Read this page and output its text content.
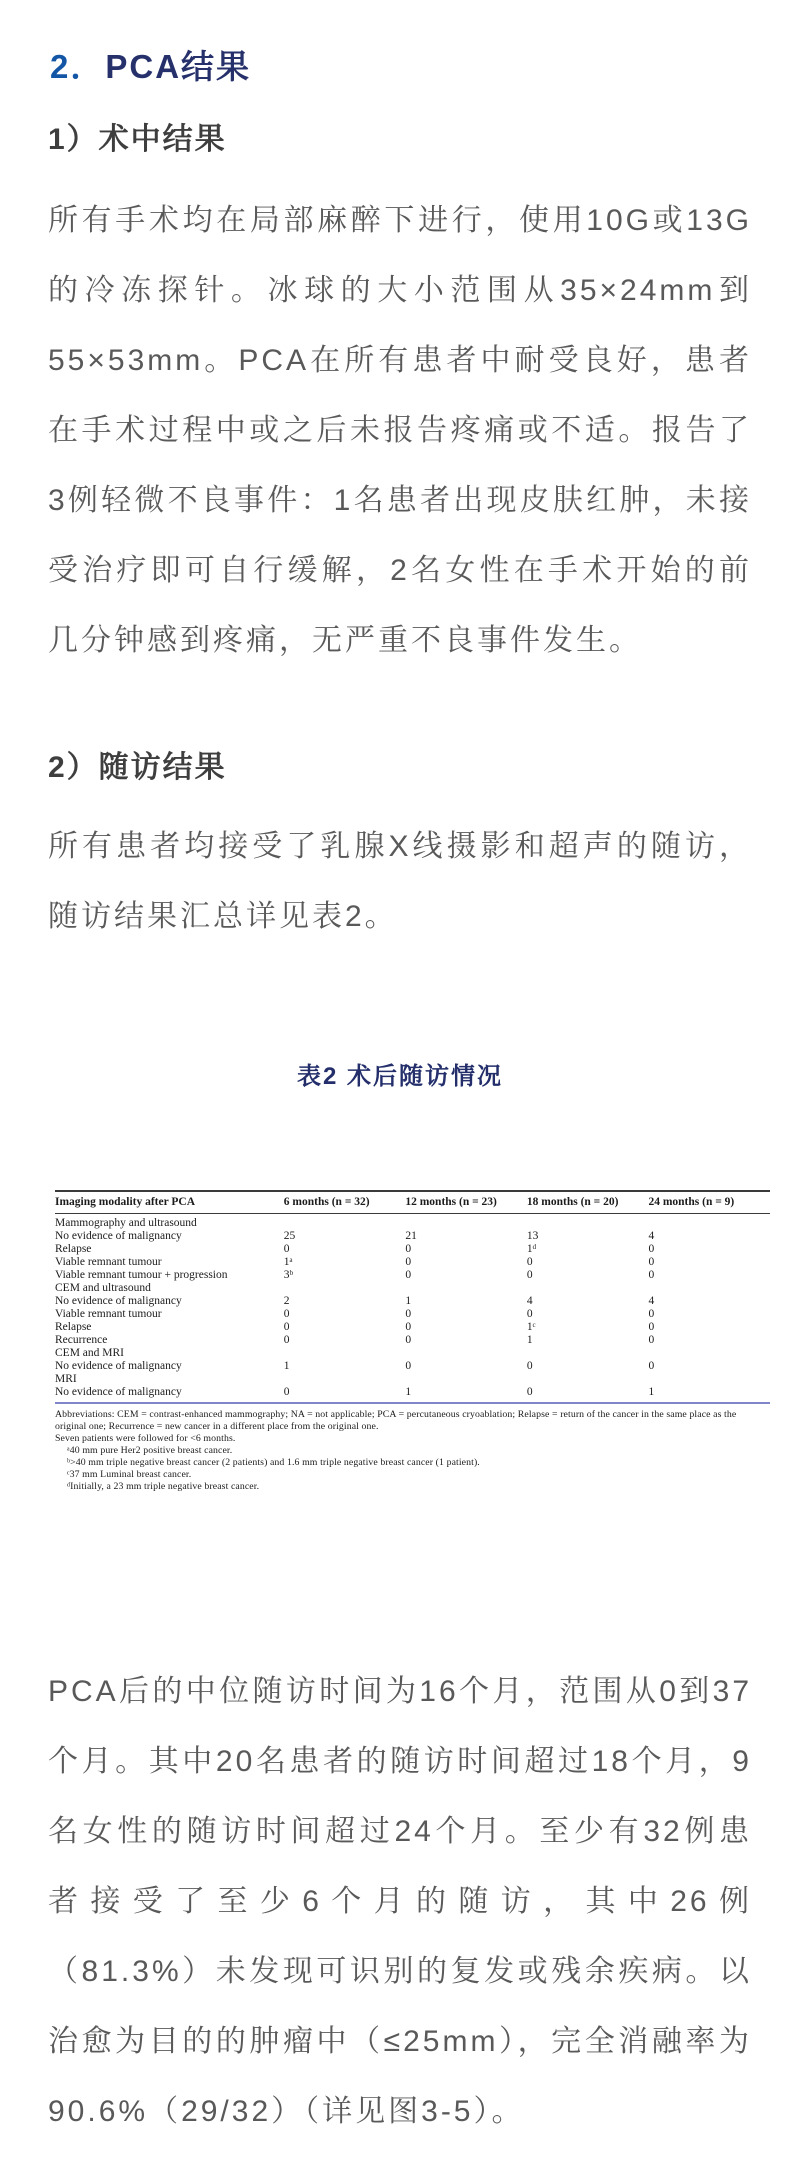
2．PCA结果
1）术中结果

所有手术均在局部麻醉下进行，使用10G或13G的冷冻探针。冰球的大小范围从35×24mm到55×53mm。PCA在所有患者中耐受良好，患者在手术过程中或之后未报告疼痛或不适。报告了3例轻微不良事件：1名患者出现皮肤红肿，未接受治疗即可自行缓解，2名女性在手术开始的前几分钟感到疼痛，无严重不良事件发生。

2）随访结果

所有患者均接受了乳腺X线摄影和超声的随访，随访结果汇总详见表2。

表2 术后随访情况
Imaging modality after PCA	6 months (n = 32)	12 months (n = 23)	18 months (n = 20)	24 months (n = 9)
Mammography and ultrasound				
No evidence of malignancy	25	21	13	4
Relapse	0	0	1ᵈ	0
Viable remnant tumour	1ᵃ	0	0	0
Viable remnant tumour + progression	3ᵇ	0	0	0
CEM and ultrasound				
No evidence of malignancy	2	1	4	4
Viable remnant tumour	0	0	0	0
Relapse	0	0	1ᶜ	0
Recurrence	0	0	1	0
CEM and MRI				
No evidence of malignancy	1	0	0	0
MRI				
No evidence of malignancy	0	1	0	1
Abbreviations: CEM = contrast-enhanced mammography; NA = not applicable; PCA = percutaneous cryoablation; Relapse = return of the cancer in the same place as the original one; Recurrence = new cancer in a different place from the original one.
Seven patients were followed for <6 months.
ᵃ40 mm pure Her2 positive breast cancer.
ᵇ>40 mm triple negative breast cancer (2 patients) and 1.6 mm triple negative breast cancer (1 patient).
ᶜ37 mm Luminal breast cancer.
ᵈInitially, a 23 mm triple negative breast cancer.

PCA后的中位随访时间为16个月，范围从0到37个月。其中20名患者的随访时间超过18个月，9名女性的随访时间超过24个月。至少有32例患者接受了至少6个月的随访，其中26例（81.3%）未发现可识别的复发或残余疾病。以治愈为目的的肿瘤中（≤25mm），完全消融率为90.6%（29/32）（详见图3-5）。
